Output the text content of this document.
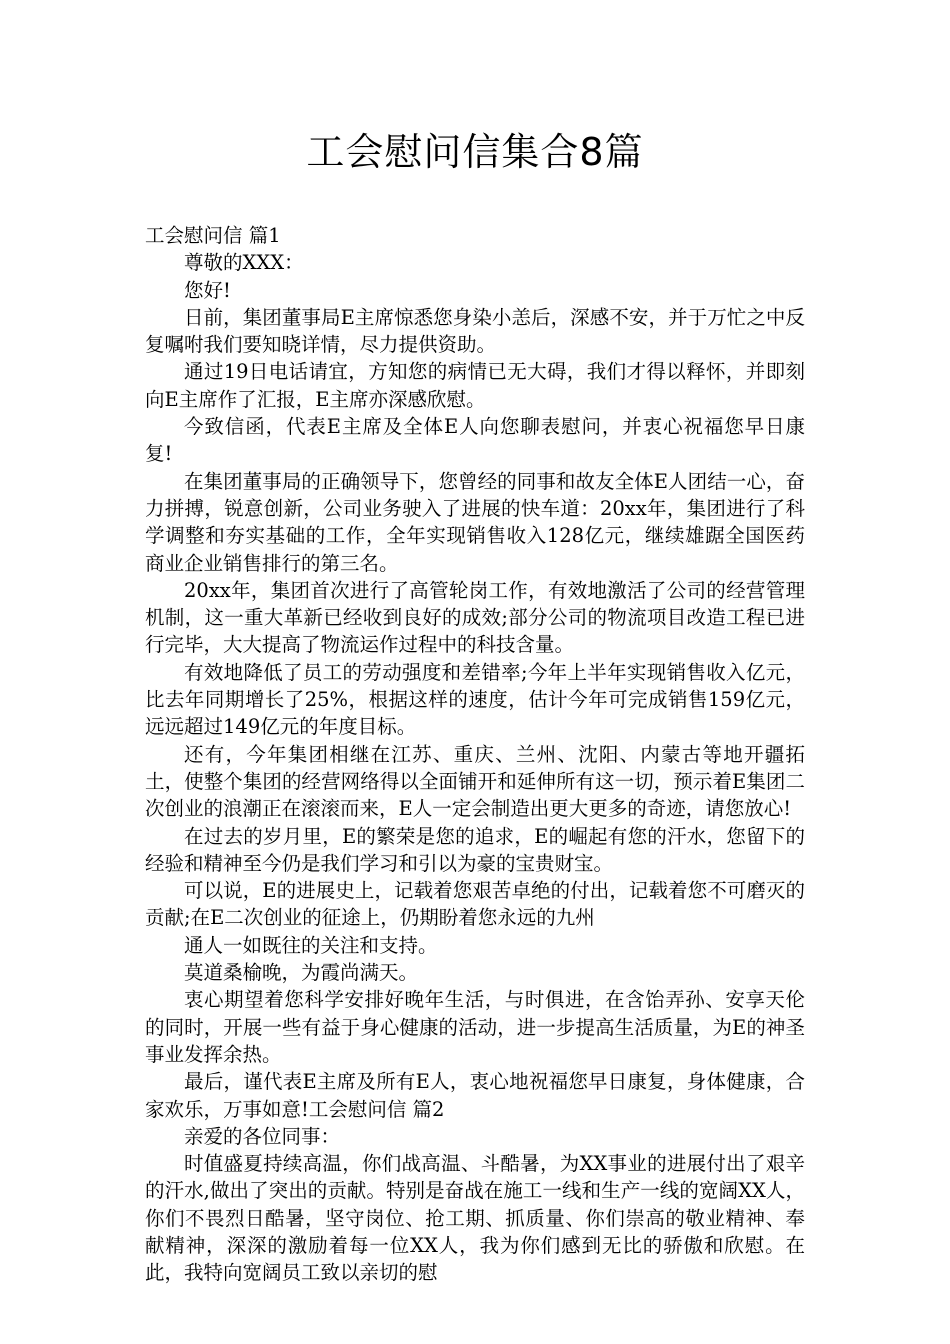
工会慰问信集合8篇

工会慰问信 篇1

尊敬的XXX：

您好!

日前，集团董事局E主席惊悉您身染小恙后，深感不安，并于万忙之中反复嘱咐我们要知晓详情，尽力提供资助。

通过19日电话请宜，方知您的病情已无大碍，我们才得以释怀，并即刻向E主席作了汇报，E主席亦深感欣慰。

今致信函，代表E主席及全体E人向您聊表慰问，并衷心祝福您早日康复!

在集团董事局的正确领导下，您曾经的同事和故友全体E人团结一心，奋力拼搏，锐意创新，公司业务驶入了进展的快车道：20xx年，集团进行了科学调整和夯实基础的工作，全年实现销售收入128亿元，继续雄踞全国医药商业企业销售排行的第三名。

20xx年，集团首次进行了高管轮岗工作，有效地激活了公司的经营管理机制，这一重大革新已经收到良好的成效;部分公司的物流项目改造工程已进行完毕，大大提高了物流运作过程中的科技含量。

有效地降低了员工的劳动强度和差错率;今年上半年实现销售收入亿元，比去年同期增长了25%，根据这样的速度，估计今年可完成销售159亿元，远远超过149亿元的年度目标。

还有，今年集团相继在江苏、重庆、兰州、沈阳、内蒙古等地开疆拓土，使整个集团的经营网络得以全面铺开和延伸所有这一切，预示着E集团二次创业的浪潮正在滚滚而来，E人一定会制造出更大更多的奇迹，请您放心!

在过去的岁月里，E的繁荣是您的追求，E的崛起有您的汗水，您留下的经验和精神至今仍是我们学习和引以为豪的宝贵财宝。

可以说，E的进展史上，记载着您艰苦卓绝的付出，记载着您不可磨灭的贡献;在E二次创业的征途上，仍期盼着您永远的九州

通人一如既往的关注和支持。

莫道桑榆晚，为霞尚满天。

衷心期望着您科学安排好晚年生活，与时俱进，在含饴弄孙、安享天伦的同时，开展一些有益于身心健康的活动，进一步提高生活质量，为E的神圣事业发挥余热。

最后，谨代表E主席及所有E人，衷心地祝福您早日康复，身体健康，合家欢乐，万事如意!工会慰问信 篇2

亲爱的各位同事：

时值盛夏持续高温，你们战高温、斗酷暑，为XX事业的进展付出了艰辛的汗水,做出了突出的贡献。特别是奋战在施工一线和生产一线的宽阔XX人，你们不畏烈日酷暑，坚守岗位、抢工期、抓质量、你们崇高的敬业精神、奉献精神，深深的激励着每一位XX人，我为你们感到无比的骄傲和欣慰。在此，我特向宽阔员工致以亲切的慰
